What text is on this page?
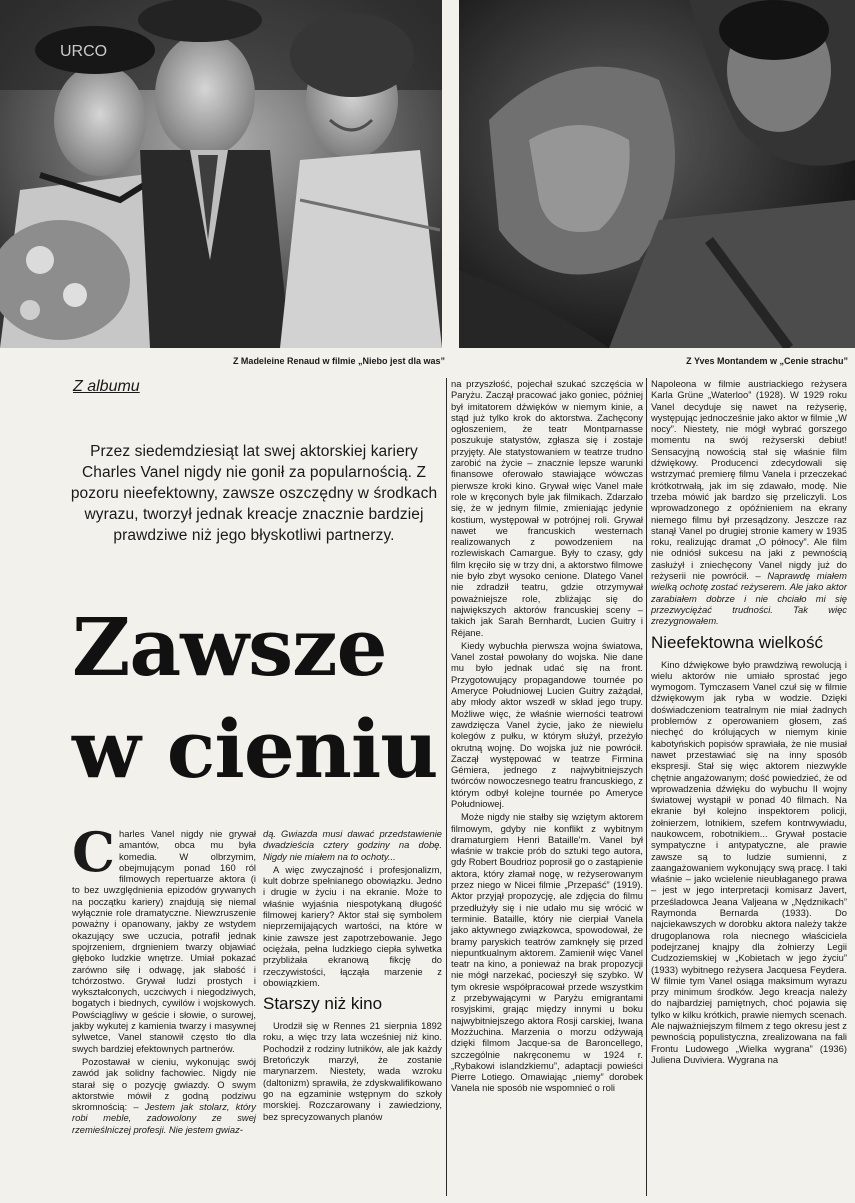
URCO
Z Madeleine Renaud w filmie „Niebo jest dla was”	Z Yves Montandem w „Cenie strachu”
Z albumu
Przez siedemdziesiąt lat swej aktorskiej kariery Charles Vanel nigdy nie gonił za popularnością. Z pozoru nieefektowny, zawsze oszczędny w środkach wyrazu, tworzył jednak kreacje znacznie bardziej prawdziwe niż jego błyskotliwi partnerzy.
Zawsze
w cieniu

Charles Vanel nigdy nie grywał amantów, obca mu była komedia. W olbrzymim, obejmującym ponad 160 ról filmowych repertuarze aktora (i to bez uwzględnienia epizodów grywanych na początku kariery) znajdują się niemal wyłącznie role dramatyczne. Niewzruszenie poważny i opanowany, jakby ze wstydem okazujący swe uczucia, potrafił jednak spojrzeniem, drgnieniem twarzy objawiać głęboko ludzkie wnętrze. Umiał pokazać zarówno siłę i odwagę, jak słabość i tchórzostwo. Grywał ludzi prostych i wykształconych, uczciwych i niegodziwych, bogatych i biednych, cywilów i wojskowych. Powściągliwy w geście i słowie, o surowej, jakby wykutej z kamienia twarzy i masywnej sylwetce, Vanel stanowił często tło dla swych bardziej efektownych partnerów.

Pozostawał w cieniu, wykonując swój zawód jak solidny fachowiec. Nigdy nie starał się o pozycję gwiazdy. O swym aktorstwie mówił z godną podziwu skromnością: – Jestem jak stolarz, który robi meble, zadowolony ze swej rzemieślniczej profesji. Nie jestem gwiaz-

dą. Gwiazda musi dawać przedstawienie dwadzieścia cztery godziny na dobę. Nigdy nie miałem na to ochoty...

A więc zwyczajność i profesjonalizm, kult dobrze spełnianego obowiązku. Jedno i drugie w życiu i na ekranie. Może to właśnie wyjaśnia niespotykaną długość filmowej kariery? Aktor stał się symbolem nieprzemijających wartości, na które w kinie zawsze jest zapotrzebowanie. Jego ociężała, pełna ludzkiego ciepła sylwetka przybliżała ekranową fikcję do rzeczywistości, łącząła marzenie z obowiązkiem.

Starszy niż kino

Urodził się w Rennes 21 sierpnia 1892 roku, a więc trzy lata wcześniej niż kino. Pochodził z rodziny lutników, ale jak każdy Bretończyk marzył, że zostanie marynarzem. Niestety, wada wzroku (daltonizm) sprawiła, że zdyskwalifikowano go na egzaminie wstępnym do szkoły morskiej. Rozczarowany i zawiedziony, bez sprecyzowanych planów

na przyszłość, pojechał szukać szczęścia w Paryżu. Zaczął pracować jako goniec, później był imitatorem dźwięków w niemym kinie, a stąd już tylko krok do aktorstwa. Zachęcony ogłoszeniem, że teatr Montparnasse poszukuje statystów, zgłasza się i zostaje przyjęty. Ale statystowaniem w teatrze trudno zarobić na życie – znacznie lepsze warunki finansowe oferowało stawiające wówczas pierwsze kroki kino. Grywał więc Vanel małe role w kręconych byle jak filmikach. Zdarzało się, że w jednym filmie, zmieniając jedynie kostium, występował w potrójnej roli. Grywał nawet we francuskich westernach realizowanych z powodzeniem na rozlewiskach Camargue. Były to czasy, gdy film kręciło się w trzy dni, a aktorstwo filmowe nie było zbyt wysoko cenione. Dlatego Vanel nie zdradził teatru, gdzie otrzymywał poważniejsze role, zbliżając się do największych aktorów francuskiej sceny – takich jak Sarah Bernhardt, Lucien Guitry i Réjane.

Kiedy wybuchła pierwsza wojna światowa, Vanel został powołany do wojska. Nie dane mu było jednak udać się na front. Przygotowujący propagandowe tournée po Ameryce Południowej Lucien Guitry zażądał, aby młody aktor wszedł w skład jego trupy. Możliwe więc, że właśnie wierności teatrowi zawdzięcza Vanel życie, jako że niewielu kolegów z pułku, w którym służył, przeżyło okrutną wojnę. Do wojska już nie powrócił. Zaczął występować w teatrze Firmina Gémiera, jednego z najwybitniejszych twórców nowoczesnego teatru francuskiego, z którym odbył kolejne tournée po Ameryce Południowej.

Może nigdy nie stałby się wziętym aktorem filmowym, gdyby nie konflikt z wybitnym dramaturgiem Henri Bataille'm. Vanel był właśnie w trakcie prób do sztuki tego autora, gdy Robert Boudrioz poprosił go o zastąpienie aktora, który złamał nogę, w reżyserowanym przez niego w Nicei filmie „Przepaść” (1919). Aktor przyjął propozycję, ale zdjęcia do filmu przedłużyły się i nie udało mu się wrócić w terminie. Bataille, który nie cierpiał Vanela jako aktywnego związkowca, spowodował, że bramy paryskich teatrów zamknęły się przed niepuntkualnym aktorem. Zamienił więc Vanel teatr na kino, a ponieważ na brak propozycji nie mógł narzekać, pocieszył się szybko. W tym okresie współpracował przede wszystkim z przebywającymi w Paryżu emigrantami rosyjskimi, grając między innymi u boku najwybitniejszego aktora Rosji carskiej, Iwana Mozżuchina. Marzenia o morzu odżywają dzięki filmom Jacque-sa de Baroncellego, szczególnie nakręconemu w 1924 r. „Rybakowi islandzkiemu”, adaptacji powieści Pierre Lotiego. Omawiając „niemy” dorobek Vanela nie sposób nie wspomnieć o roli

Napoleona w filmie austriackiego reżysera Karla Grüne „Waterloo” (1928). W 1929 roku Vanel decyduje się nawet na reżyserię, występując jednocześnie jako aktor w filmie „W nocy”. Niestety, nie mógł wybrać gorszego momentu na swój reżyserski debiut! Sensacyjną nowością stał się właśnie film dźwiękowy. Producenci zdecydowali się wstrzymać premierę filmu Vanela i przeczekać krótkotrwałą, jak im się zdawało, modę. Nie trzeba mówić jak bardzo się przeliczyli. Los wprowadzonego z opóźnieniem na ekrany niemego filmu był przesądzony. Jeszcze raz stanął Vanel po drugiej stronie kamery w 1935 roku, realizując dramat „O północy”. Ale film nie odniósł sukcesu na jaki z pewnością zasłużył i zniechęcony Vanel nigdy już do reżyserii nie powrócił. – Naprawdę miałem wielką ochotę zostać reżyserem. Ale jako aktor zarabiałem dobrze i nie chciało mi się przezwyciężać trudności. Tak więc zrezygnowałem.

Nieefektowna wielkość

Kino dźwiękowe było prawdziwą rewolucją i wielu aktorów nie umiało sprostać jego wymogom. Tymczasem Vanel czuł się w filmie dźwiękowym jak ryba w wodzie. Dzięki doświadczeniom teatralnym nie miał żadnych problemów z operowaniem głosem, zaś niechęć do królujących w niemym kinie kabotyńskich popisów sprawiała, że nie musiał nawet przestawiać się na inny sposób ekspresji. Stał się więc aktorem niezwykle chętnie angażowanym; dość powiedzieć, że od wprowadzenia dźwięku do wybuchu II wojny światowej wystąpił w ponad 40 filmach. Na ekranie był kolejno inspektorem policji, żołnierzem, lotnikiem, szefem kontrwywiadu, naukowcem, robotnikiem... Grywał postacie sympatyczne i antypatyczne, ale prawie zawsze są to ludzie sumienni, z zaangażowaniem wykonujący swą pracę. I taki właśnie – jako wcielenie nieubłaganego prawa – jest w jego interpretacji komisarz Javert, prześladowca Jeana Valjeana w „Nędznikach” Raymonda Bernarda (1933). Do najciekawszych w dorobku aktora należy także drugoplanowa rola niecnego właściciela podejrzanej knajpy dla żołnierzy Legii Cudzoziemskiej w „Kobietach w jego życiu” (1933) wybitnego reżysera Jacquesa Feydera. W filmie tym Vanel osiąga maksimum wyrazu przy minimum środków. Jego kreacja należy do najbardziej pamiętnych, choć pojawia się tylko w kilku krótkich, prawie niemych scenach. Ale najważniejszym filmem z tego okresu jest z pewnością populistyczna, zrealizowana na fali Frontu Ludowego „Wielka wygrana” (1936) Juliena Duviviera. Wygrana na
